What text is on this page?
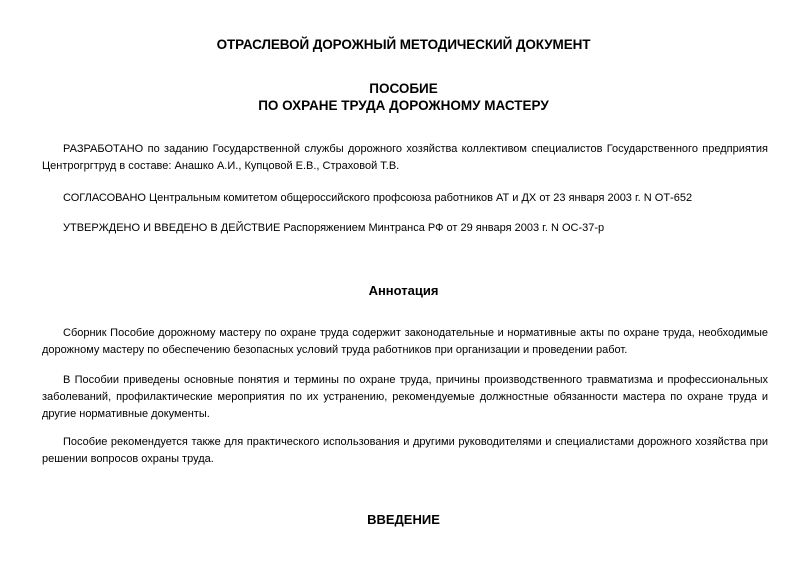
ОТРАСЛЕВОЙ ДОРОЖНЫЙ МЕТОДИЧЕСКИЙ ДОКУМЕНТ
ПОСОБИЕ
ПО ОХРАНЕ ТРУДА ДОРОЖНОМУ МАСТЕРУ
РАЗРАБОТАНО по заданию Государственной службы дорожного хозяйства коллективом специалистов Государственного предприятия Центрогргтруд в составе: Анашко А.И., Купцовой Е.В., Страховой Т.В.
СОГЛАСОВАНО Центральным комитетом общероссийского профсоюза работников АТ и ДХ от 23 января 2003 г. N ОТ-652
УТВЕРЖДЕНО И ВВЕДЕНО В ДЕЙСТВИЕ Распоряжением Минтранса РФ от 29 января 2003 г. N ОС-37-р
Аннотация
Сборник Пособие дорожному мастеру по охране труда содержит законодательные и нормативные акты по охране труда, необходимые дорожному мастеру по обеспечению безопасных условий труда работников при организации и проведении работ.
В Пособии приведены основные понятия и термины по охране труда, причины производственного травматизма и профессиональных заболеваний, профилактические мероприятия по их устранению, рекомендуемые должностные обязанности мастера по охране труда и другие нормативные документы.
Пособие рекомендуется также для практического использования и другими руководителями и специалистами дорожного хозяйства при решении вопросов охраны труда.
ВВЕДЕНИЕ
